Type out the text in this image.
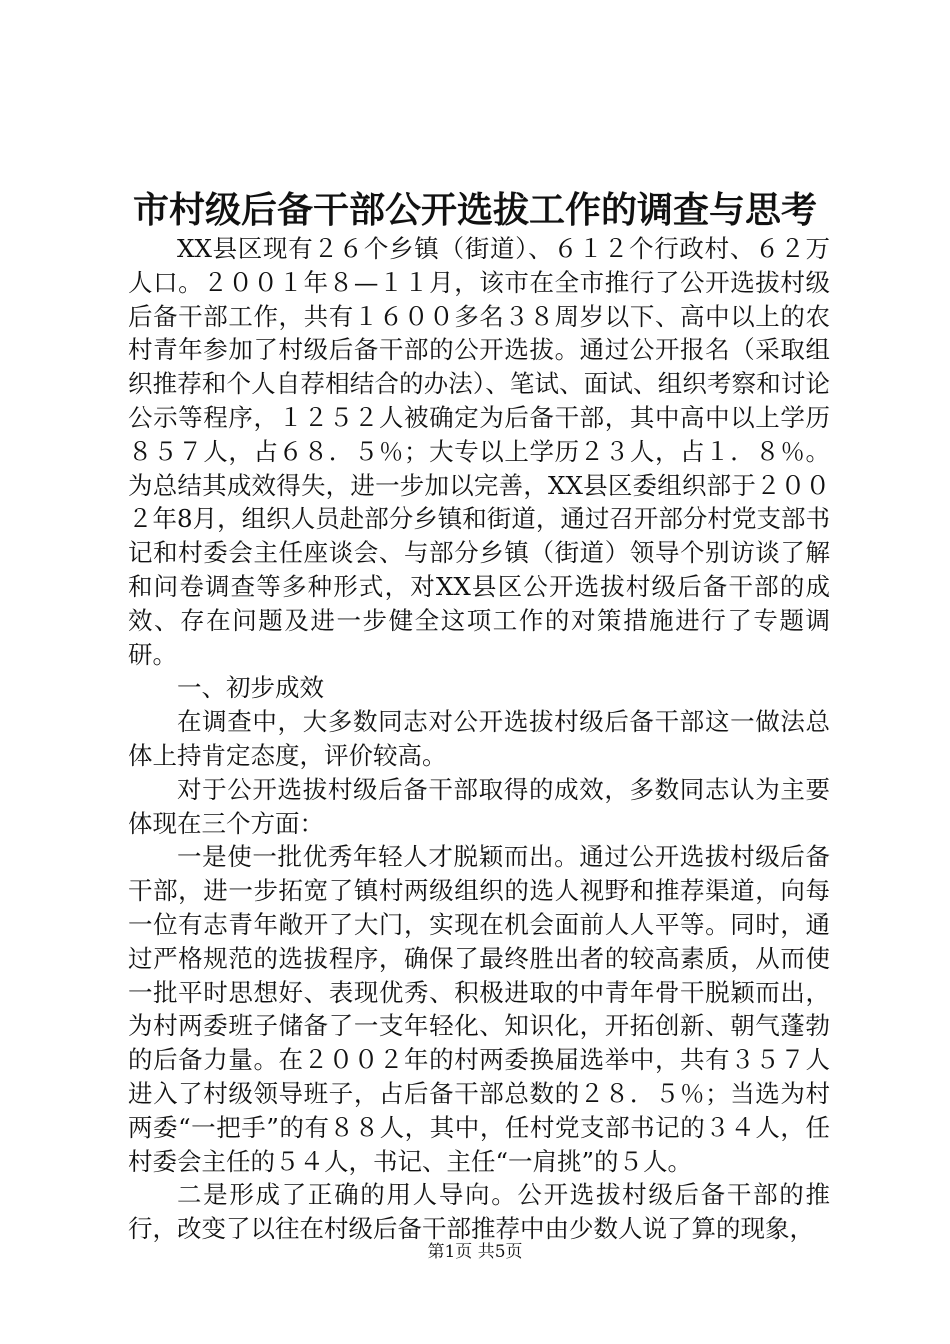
市村级后备干部公开选拔工作的调查与思考

XX县区现有２６个乡镇（街道）、６１２个行政村、６２万人口。２００１年８—１１月，该市在全市推行了公开选拔村级后备干部工作，共有１６００多名３８周岁以下、高中以上的农村青年参加了村级后备干部的公开选拔。通过公开报名（采取组织推荐和个人自荐相结合的办法）、笔试、面试、组织考察和讨论公示等程序，１２５２人被确定为后备干部，其中高中以上学历８５７人，占６８．５％；大专以上学历２３人，占１．８％。为总结其成效得失，进一步加以完善，XX县区委组织部于２００２年8月，组织人员赴部分乡镇和街道，通过召开部分村党支部书记和村委会主任座谈会、与部分乡镇（街道）领导个别访谈了解和问卷调查等多种形式，对XX县区公开选拔村级后备干部的成效、存在问题及进一步健全这项工作的对策措施进行了专题调研。

一、初步成效

在调查中，大多数同志对公开选拔村级后备干部这一做法总体上持肯定态度，评价较高。

对于公开选拔村级后备干部取得的成效，多数同志认为主要体现在三个方面：

一是使一批优秀年轻人才脱颖而出。通过公开选拔村级后备干部，进一步拓宽了镇村两级组织的选人视野和推荐渠道，向每一位有志青年敞开了大门，实现在机会面前人人平等。同时，通过严格规范的选拔程序，确保了最终胜出者的较高素质，从而使一批平时思想好、表现优秀、积极进取的中青年骨干脱颖而出，为村两委班子储备了一支年轻化、知识化，开拓创新、朝气蓬勃的后备力量。在２００２年的村两委换届选举中，共有３５７人进入了村级领导班子，占后备干部总数的２８．５％；当选为村两委“一把手”的有８８人，其中，任村党支部书记的３４人，任村委会主任的５４人，书记、主任“一肩挑”的５人。

二是形成了正确的用人导向。公开选拔村级后备干部的推行，改变了以往在村级后备干部推荐中由少数人说了算的现象，

第1页 共5页
